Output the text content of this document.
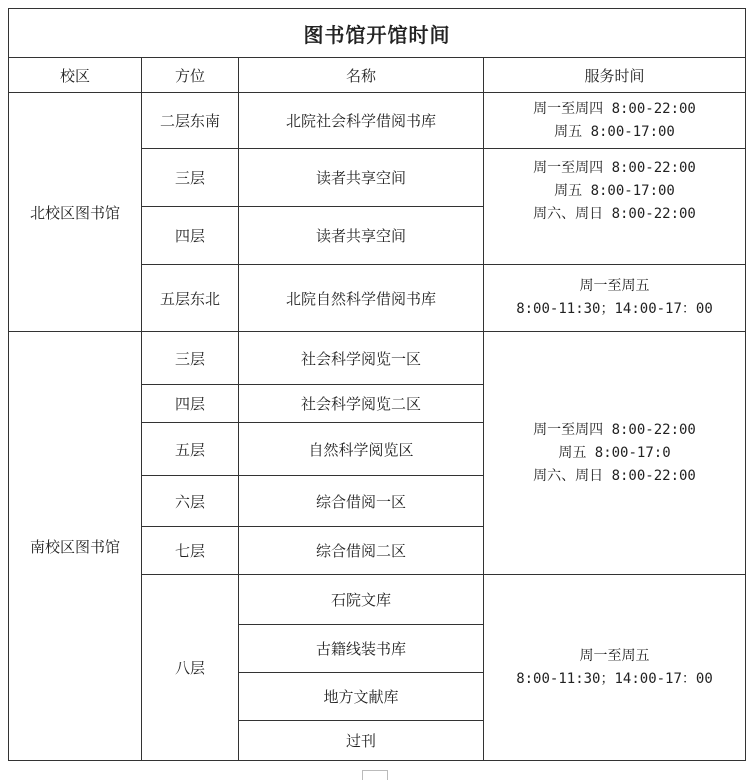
图书馆开馆时间			
校区	方位	名称	服务时间
北校区图书馆	二层东南	北院社会科学借阅书库	周一至周四 8:00-22:00
周五 8:00-17:00

	三层	读者共享空间	周一至周四 8:00-22:00
周五 8:00-17:00
周六、周日 8:00-22:00

	四层	读者共享空间	
	五层东北	北院自然科学借阅书库	周一至周五
8:00-11:30；14:00-17：00

南校区图书馆	三层	社会科学阅览一区	周一至周四 8:00-22:00
周五 8:00-17:0
周六、周日 8:00-22:00

	四层	社会科学阅览二区	
	五层	自然科学阅览区	
	六层	综合借阅一区	
	七层	综合借阅二区	
	八层	石院文库	周一至周五
8:00-11:30；14:00-17：00

		古籍线装书库	
		地方文献库	
		过刊	
